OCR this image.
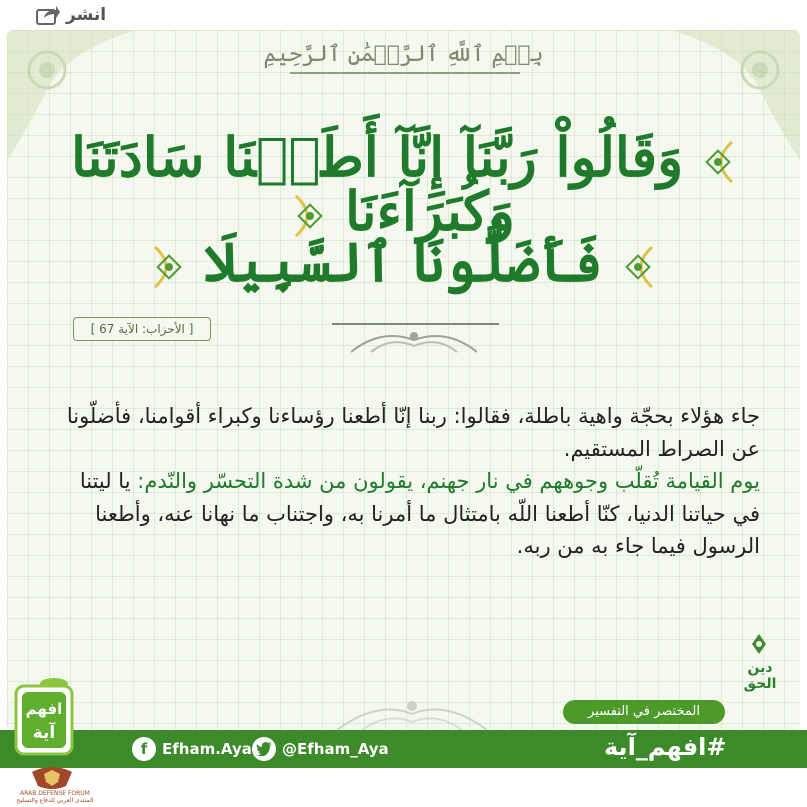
انشر
بِسۡمِ ٱللَّهِ ٱلرَّحۡمَٰنِ ٱلرَّحِيمِ
وَقَالُواْ رَبَّنَآ إِنَّآ أَطَعۡنَا سَادَتَنَا وَكُبَرَآءَنَا
فَأَضَلُّونَا ٱلسَّبِيلَا
[ الأحزاب: الآية 67 ]

جاء هؤلاء بحجّة واهية باطلة، فقالوا: ربنا إنّا أطعنا رؤساءنا وكبراء أقوامنا، فأضلّونا عن الصراط المستقيم.

يوم القيامة تُقلّب وجوههم في نار جهنم، يقولون من شدة التحسّر والنّدم: يا ليتنا في حياتنا الدنيا، كنّا أطعنا اللّه بامتثال ما أمرنا به، واجتناب ما نهانا عنه، وأطعنا الرسول فيما جاء به من ربه.

المختصر في التفسير
دين الحق
f Efham.Aya @Efham_Aya	#افهم_آية
افهم
آية
ARAB DEFENSE FORUM
المنتدى العربي للدفاع والتسليح
